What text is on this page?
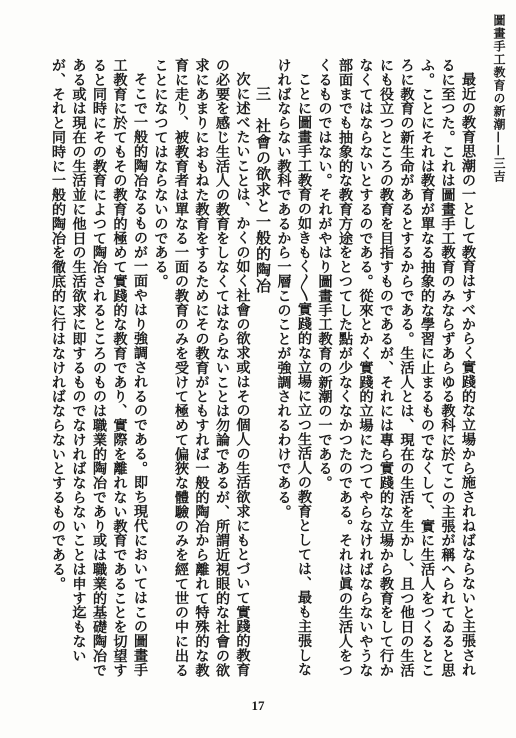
圖畫手工教育の新潮——三吉

最近の教育思潮の一として教育はすべからく實踐的な立場から施されねばならないと主張されるに至つた。これは圖畫手工教育のみならずあらゆる教科に於てこの主張が稱へられてゐると思ふ。ことにそれは教育が單なる抽象的な學習に止まるものでなくして、實に生活人をつくるところに教育の新生命があるとするからである。生活人とは、現在の生活を生かし、且つ他日の生活にも役立つところの教育を目指すものであるが、それには專ら實踐的な立場から教育をして行かなくてはならないとするのである。從來とかく實踐的立場にたつてやらなければならないやうな部面までも抽象的な教育方途をとつてした點が少なくなかつたのである。それは眞の生活人をつくるものではない。それがやはり圖畫手工教育の新潮の一である。

ことに圖畫手工教育の如きもく〳〵實踐的な立場に立つ生活人の教育としては、最も主張しなければならない教科であるから一層このことが強調されるわけである。

三　社會の欲求と一般的陶冶

次に述べたいことは、かくの如く社會の欲求或はその個人の生活欲求にもとづいて實踐的教育の必要を感じ生活人の教育をしなくてはならないことは勿論であるが、所謂近視眼的な社會の欲求にあまりにおもねた教育をするためにその教育がともすれば一般的陶冶から離れて特殊的な教育に走り、被教育者は單なる一面の教育のみを受けて極めて偏狹な體驗のみを經て世の中に出ることになつてはならないのである。

そこで一般的陶冶なるものが一面やはり強調されるのである。即ち現代においてはこの圖畫手工教育に於てもその教育的極めて實踐的な教育であり、實際を離れない教育であることを切望すると同時にその教育によつて陶冶されるところのものは職業的陶冶であり或は職業的基礎陶冶である或は現在の生活並に他日の生活欲求に即するものでなければならないことは申す迄もないが、それと同時に一般的陶冶を徹底的に行はなければならないとするものである。

17
